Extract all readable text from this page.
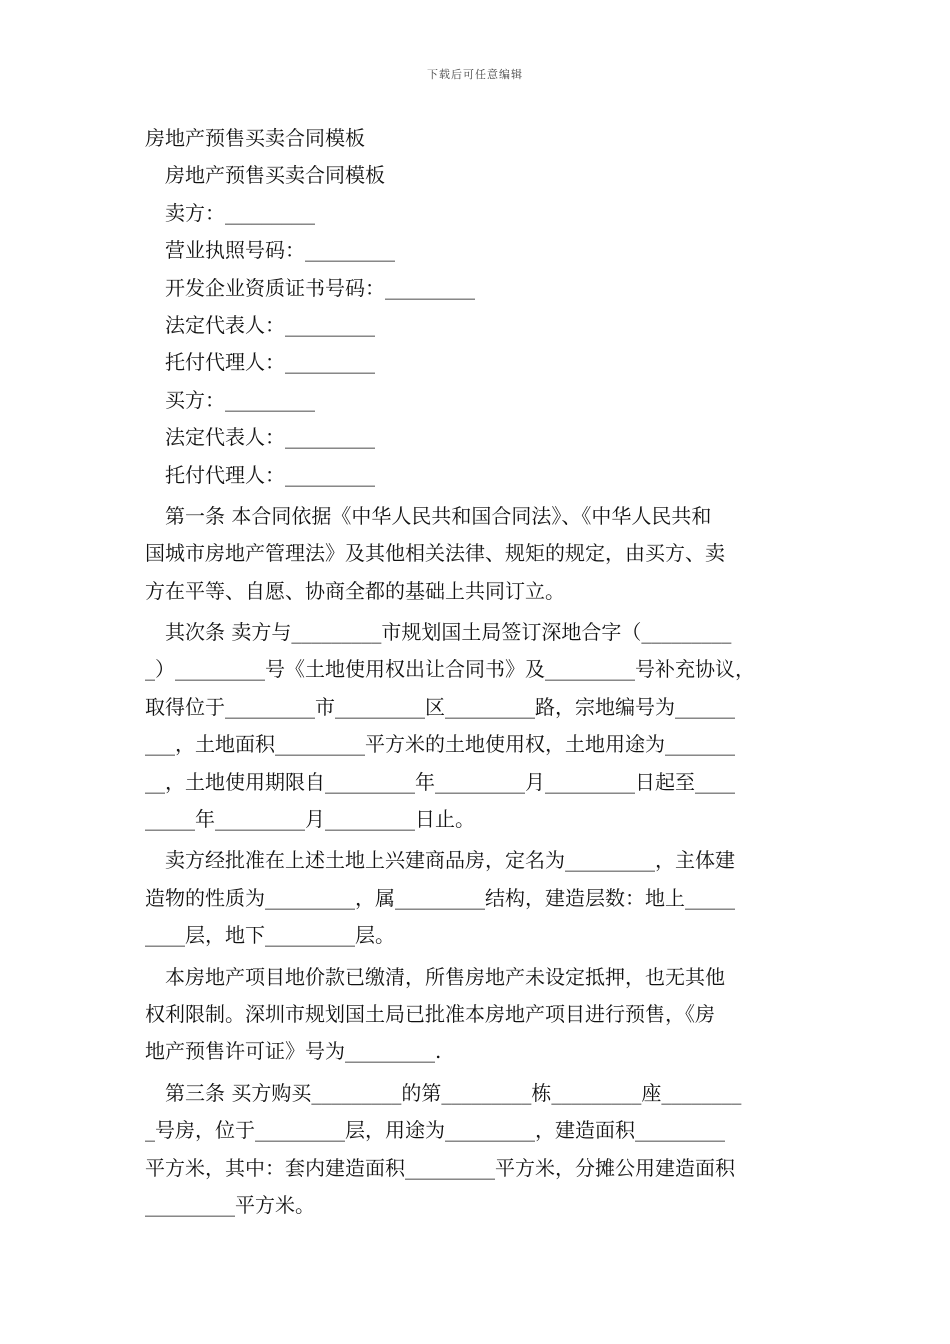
下载后可任意编辑
房地产预售买卖合同模板
房地产预售买卖合同模板
卖方：_________
营业执照号码：_________
开发企业资质证书号码：_________
法定代表人：_________
托付代理人：_________
买方：_________
法定代表人：_________
托付代理人：_________
第一条 本合同依据《中华人民共和国合同法》、《中华人民共和
国城市房地产管理法》及其他相关法律、规矩的规定，由买方、卖
方在平等、自愿、协商全都的基础上共同订立。
其次条 卖方与_________市规划国土局签订深地合字（_________
_）_________号《土地使用权出让合同书》及_________号补充协议，
取得位于_________市_________区_________路，宗地编号为______
___，土地面积_________平方米的土地使用权，土地用途为_______
__，土地使用期限自_________年_________月_________日起至____
_____年_________月_________日止。
卖方经批准在上述土地上兴建商品房，定名为_________，主体建
造物的性质为_________，属_________结构，建造层数：地上_____
____层，地下_________层。
本房地产项目地价款已缴清，所售房地产未设定抵押，也无其他
权利限制。深圳市规划国土局已批准本房地产项目进行预售，《房
地产预售许可证》号为_________.
第三条 买方购买_________的第_________栋_________座________
_号房，位于_________层，用途为_________，建造面积_________
平方米，其中：套内建造面积_________平方米，分摊公用建造面积
_________平方米。
